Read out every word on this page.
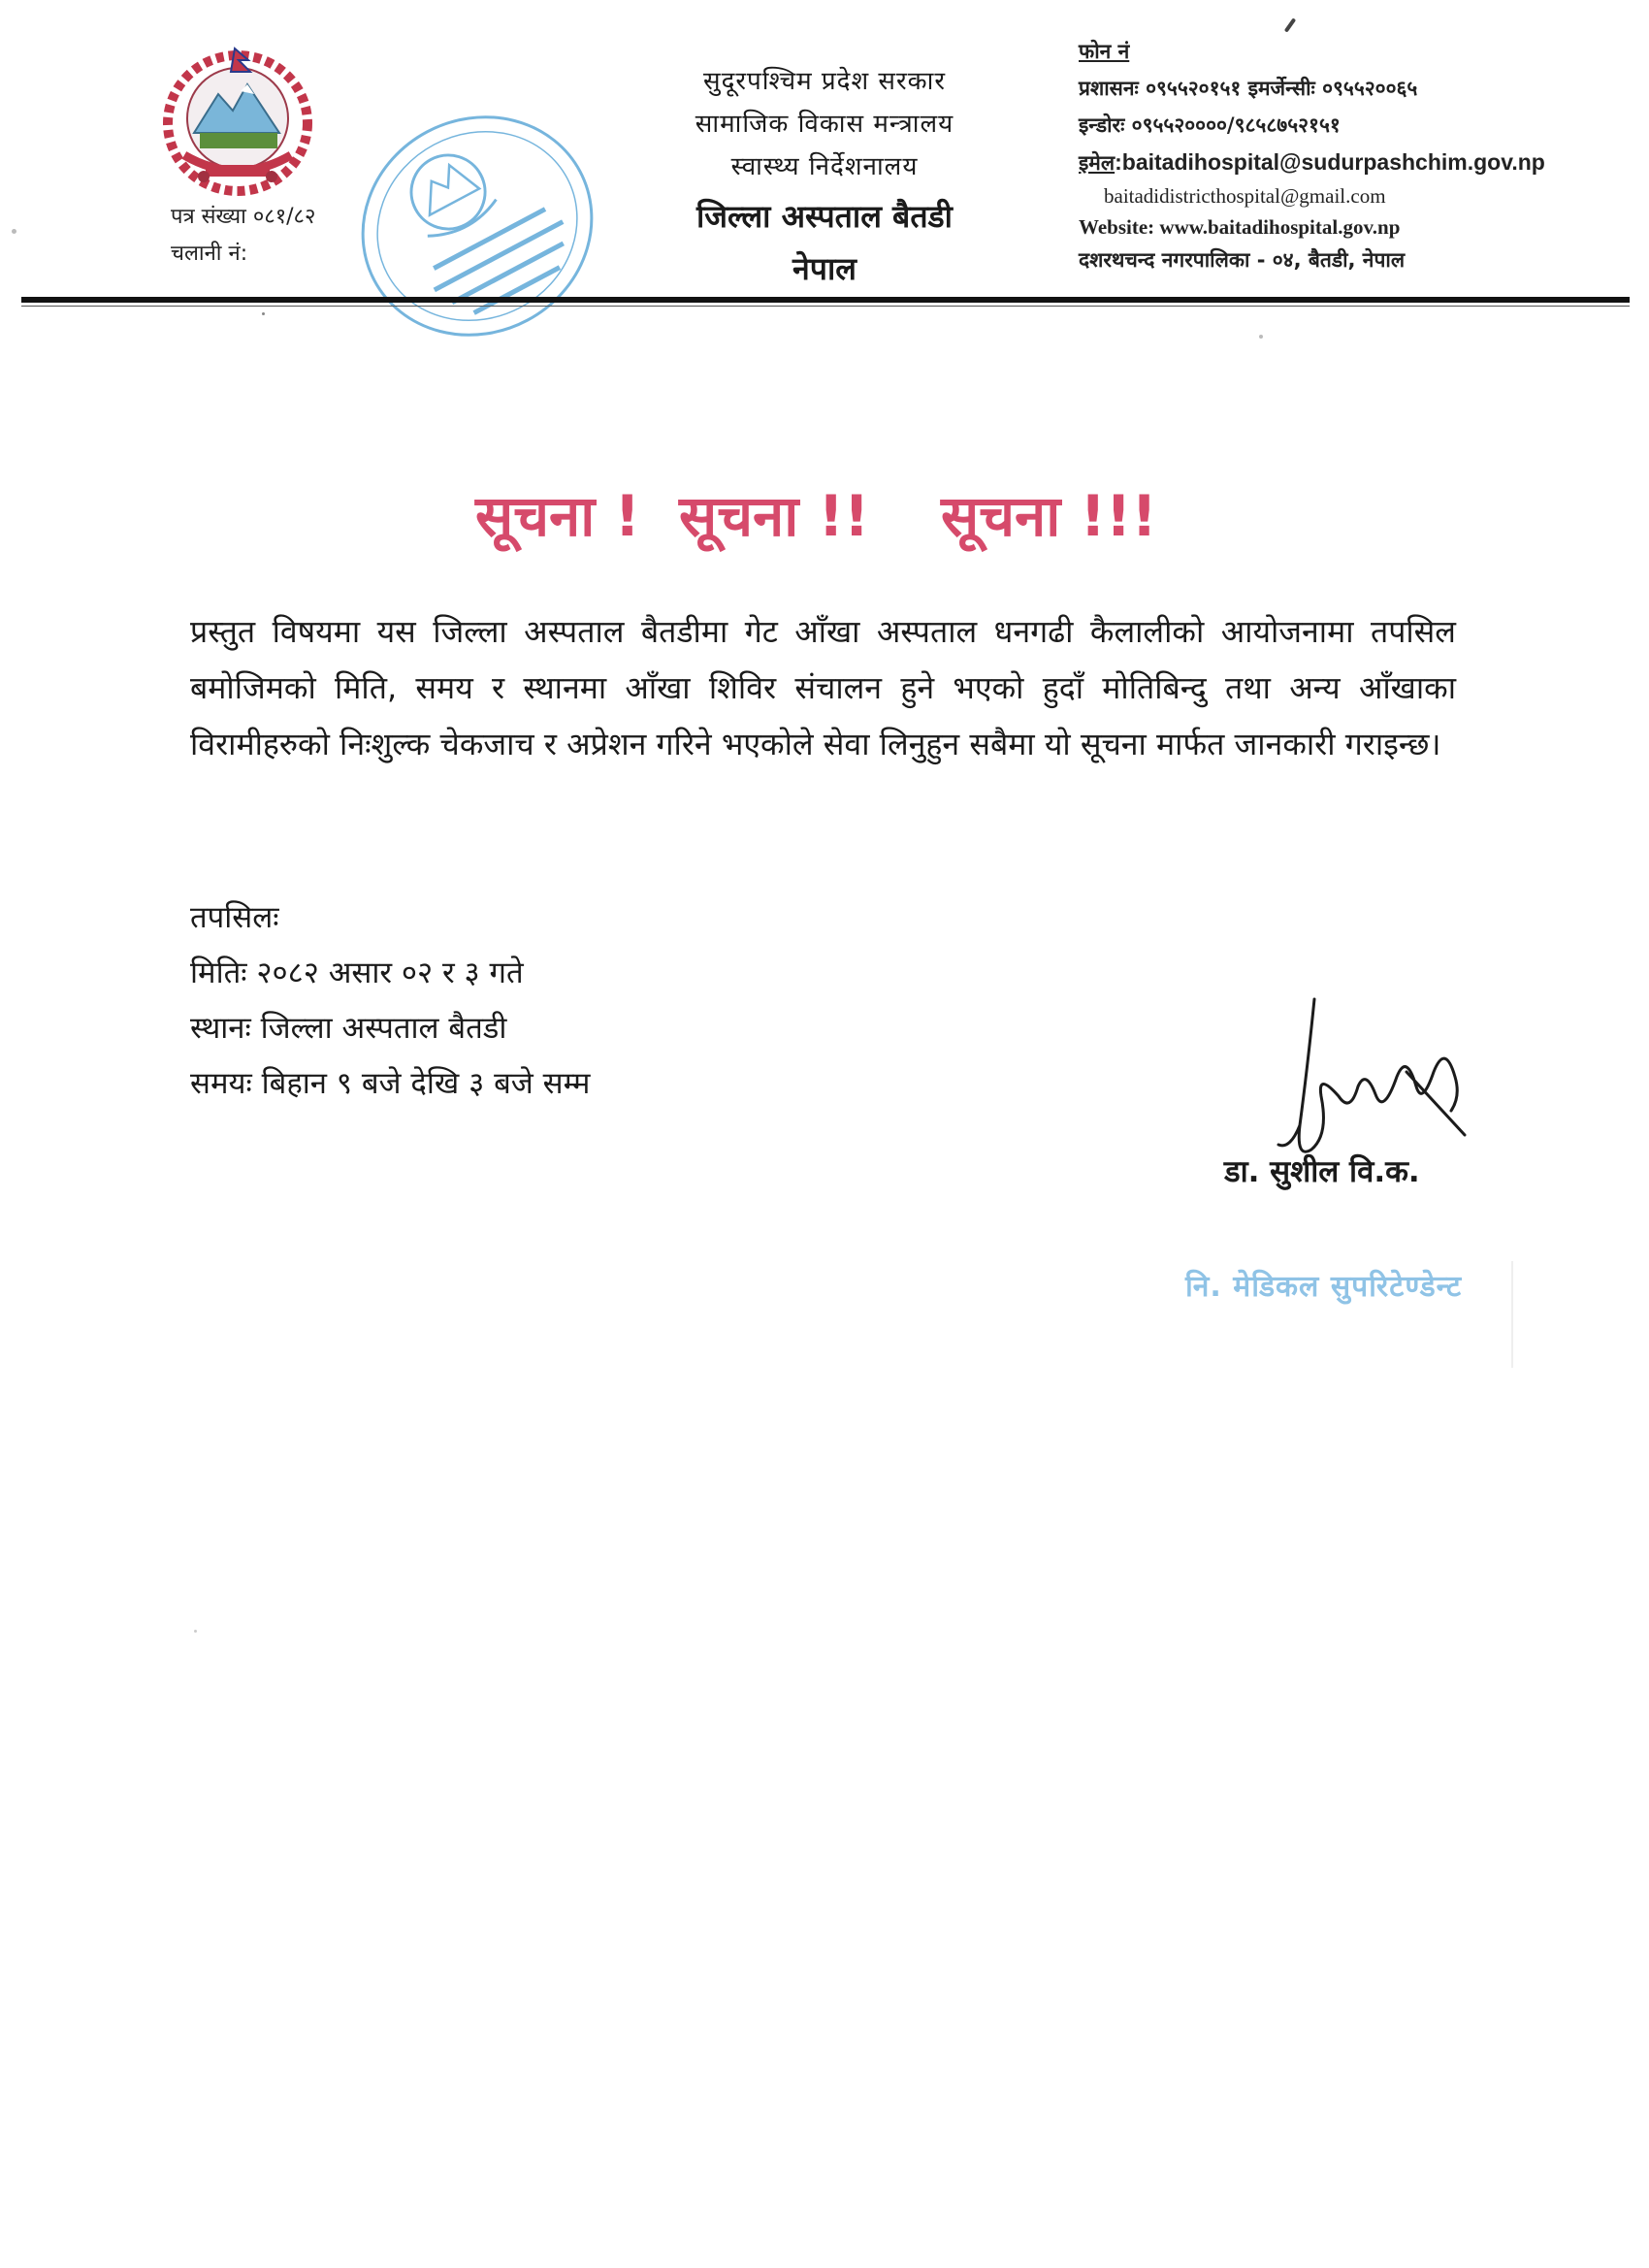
पत्र संख्या ०८१/८२
चलानी नं:
सुदूरपश्चिम प्रदेश सरकार
सामाजिक विकास मन्त्रालय
स्वास्थ्य निर्देशनालय
जिल्ला अस्पताल बैतडी
नेपाल
फोन नं
प्रशासनः ०९५५२०१५१ इमर्जेन्सीः ०९५५२००६५
इन्डोरः ०९५५२००००/९८५८७५२१५१
इमेल:baitadihospital@sudurpashchim.gov.np
baitadidistricthospital@gmail.com
Website: www.baitadihospital.gov.np
दशरथचन्द नगरपालिका - ०४, बैतडी, नेपाल
सूचना ! सूचना !! सूचना !!!
प्रस्तुत विषयमा यस जिल्ला अस्पताल बैतडीमा गेट आँखा अस्पताल धनगढी कैलालीको आयोजनामा तपसिल बमोजिमको मिति, समय र स्थानमा आँखा शिविर संचालन हुने भएको हुदाँ मोतिबिन्दु तथा अन्य आँखाका विरामीहरुको निःशुल्क चेकजाच र अप्रेशन गरिने भएकोले सेवा लिनुहुन सबैमा यो सूचना मार्फत जानकारी गराइन्छ।
तपसिलः
मितिः २०८२ असार ०२ र ३ गते
स्थानः जिल्ला अस्पताल बैतडी
समयः बिहान ९ बजे देखि ३ बजे सम्म
डा. सुशील वि.क.
नि. मेडिकल सुपरिटेण्डेन्ट
